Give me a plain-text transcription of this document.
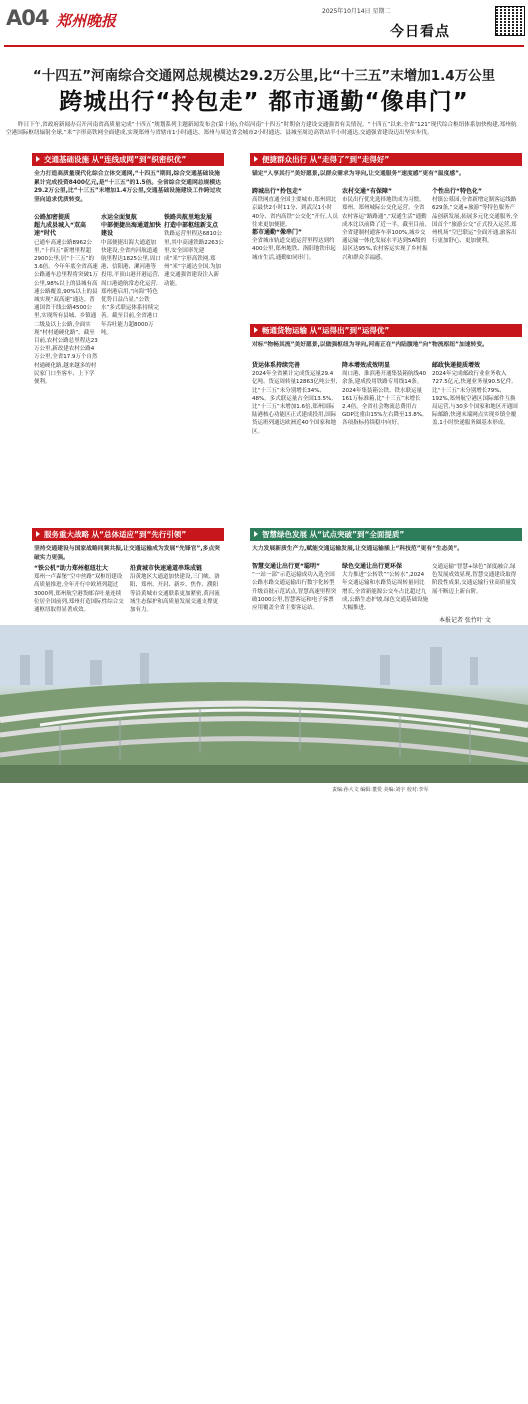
A04 郑州晚报
2025年10月14日 星期二
今日看点
“十四五”河南综合交通网总规模达29.2万公里,比“十三五”末增加1.4万公里
跨城出行“拎包走” 都市通勤“像串门”
昨日下午,省政府新闻办召开河南省高质量完成“十四五”规划系列主题新闻发布会(第十场),介绍河南“十四五”时期奋力建设交通强省有关情况。“十四五”以来,全省“121”现代综合枢纽体系加快构建,郑州航空港国际枢纽辐射全球,“米”字形高铁网全面建成,实现郑州与省辖市1小时通达、郑州与周边省会城市2小时通达、县城至周边高铁站半小时通达,交通强省建设迈出坚实步伐。
交通基础设施 从“连线成网”到“织密织优”
全力打造高质量现代化综合立体交通网,“十四五”期间,综合交通基础设施累计完成投资8400亿元,是“十三五”的1.5倍。全省综合交通网总规模达29.2万公里,比“十三五”末增加1.4万公里,交通基础设施建设工作跨过攻坚向追求优质转变。
公路加密提质
超九成县城入“双高速”时代
已通车高速公路8962公里,“十四五”新增里程超2900公里,居“十三五”的3.6倍。今年年底全省高速公路通车总里程将突破1万公里,98%以上的县城有高速公路覆盖,90%以上的县城实现“双高速”通达。普通国省干线公路4500公里,实现所有县城、乡镇通二级及以上公路,全面实现“村村通硬化路”。截至目前,农村公路总里程达23万公里,新改建农村公路4万公里,全省17.9万个自然村通硬化路,越来越多的村民家门口坐客车、上下学便利。
水运全面复航
中部便捷出海通道加快建设
中部便捷出海大通道加快建设,全省内河航道通航里程达1825公里,周口港、信阳港、漯河港等投用,平顶山港开港运营,周口港通航常态化运营,郑州港启用,“向海”特色优势日益凸显,“公铁水”多式联运体系持续完善。截至目前,全省港口年吞吐能力超8000万吨。
铁路共航里地发展
打造中部枢纽新支点
铁路运营里程达6810公里,其中高速铁路2263公里,安全国率先建成“米”字形高铁网,郑州“米”字通达全国,为加速交通强省建设注入新动能。
便捷群众出行 从“走得了”到“走得好”
锚定“人享其行”美好愿景,以群众需求为导向,让交通服务“速度感”更有“温度感”。
跨城出行“拎包走”
高铁网直通全国主要城市,郑州到北京最快2小时11分、到武汉1小时40分、省内高铁“公交化”开行,人员往来更加便捷。
都市通勤“像串门”
全省城市轨道交通运营里程达到约400公里,郑州地铁、洛阳地铁串起城市生活,通勤如同串门。
农村交通“有保障”
市民出行优先选择地铁成为习惯。郑州、郑州城际公交化运营。全省农村客运“路路通”,“双通生活”通勤成本比以前降了近一半。截至目前,全省建制村通客车率100%,城乡交通运输一体化发展水平达到5A级的县区达95%,农村客运实现了乡村振兴和群众幸福感。
个性出行“特色化”
村镇公墓园,全省新增定制客运线路629条,“交通+旅游”等特色服务产品创新发展,拓展多元化交通服务,全国首个“旅游公交”正式投入运营,郑州机场“空巴联运”全面开通,旅客出行更加舒心、更加便利。
畅通货物运输 从“运得出”到“运得优”
对标“物畅其流”美好愿景,以做强枢纽为导向,河南正在“内陆腹地”向“物流枢纽”加速转变。
货运体系持续完善
2024年全省累计完成货运量29.4亿吨、货运周转量12863亿吨公里,比“十三五”末分别增长34%、48%。多式联运量占全国13.5%,比“十三五”末增加1.6倍,郑州国际陆港核心功能区正式建成投用,国际货运班列通达欧洲近40个国家和地区。
降本增效成效明显
周口港、淮滨港开通集装箱航线40余条,建成投用铁路专用线14条。2024年集装箱公铁、铁水联运量161万标准箱,比“十三五”末增长2.4倍。全省社会物流总费用占GDP比重由15%左右降至13.8%,各项指标持续稳中向好。
邮政快递提质增效
2024年完成邮政行业业务收入727.5亿元,快递业务量90.5亿件,比“十三五”末分别增长79%、192%,郑州航空港区国际邮件互换局运营,与30多个国家和地区开通国际邮路,快递末端网点实现乡镇全覆盖,1小时快递服务圈基本形成。
服务重大战略 从“总体适应”到“先行引领”
坚持交通建设与国家战略同频共振,让交通运输成为发展“先锋官”,多点突破实力更强。
“铁公机”助力郑州枢纽壮大
郑州一卢森堡“空中丝路”双枢纽建设高质量推进,全年开行中欧班列超过3000列,郑州航空港货邮吞吐量连续位居全国前列,郑州打造国际性综合交通枢纽取得显著成效。
沿黄城市快速通道串珠成链
沿黄地区大通道加快建设,三门峡、洛阳、郑州、开封、新乡、焦作、濮阳等沿黄城市交通联系更加紧密,黄河流域生态保护和高质量发展交通支撑更加有力。
智慧绿色发展 从“试点突破”到“全面提质”
大力发展新质生产力,赋能交通运输发展,让交通运输插上“科技范”更有“生态美”。
智慧交通让出行更“聪明”
“一站一部”示范运输成功入选全国公路水路交通运输出行数字化转型升级首批示范试点,智慧高速里程突破1000公里,智慧客运和电子客票应用覆盖全省主要客运站。
绿色交通让出行更环保
大力推进“公转铁”“公转水”,2024年交通运输和水路货运周转量同比增长,全省新能源公交车占比超过九成,公路生态护坡,绿色交通基础设施大幅推进。
交通运输“智慧+绿色”深度融合,绿色发展成效显现,智慧交通建设取得阶段性成果,交通运输行业高质量发展不断迈上新台阶。
本报记者 张竹叶 文

郑州米字形高铁网日夜繁忙
责编:孙大文 编辑:董愛 美编:刘宇 校对:李军
